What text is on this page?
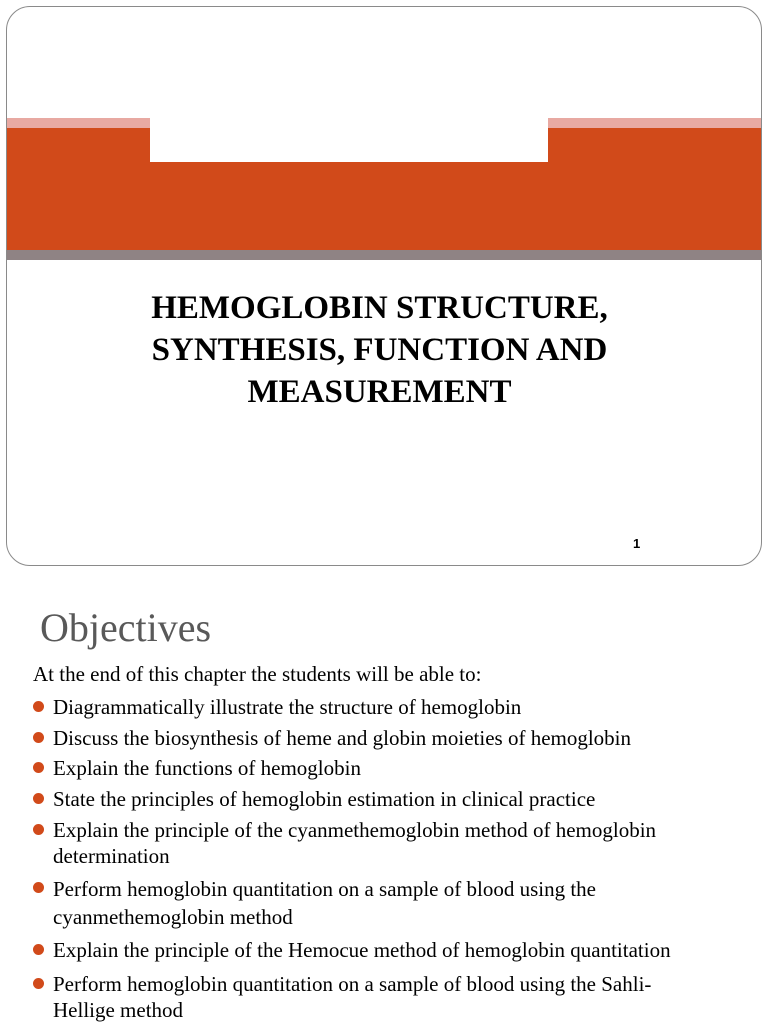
HEMOGLOBIN STRUCTURE,
SYNTHESIS, FUNCTION AND
MEASUREMENT
1
Objectives
At the end of this chapter the students will be able to:
Diagrammatically illustrate the structure of hemoglobin
Discuss the biosynthesis of heme and globin moieties of hemoglobin
Explain the functions of hemoglobin
State the principles of hemoglobin estimation in clinical practice
Explain the principle of the cyanmethemoglobin method of hemoglobin
determination
Perform hemoglobin quantitation on a sample of blood using the
cyanmethemoglobin method
Explain the principle of the Hemocue method of hemoglobin quantitation
Perform hemoglobin quantitation on a sample of blood using the Sahli-
Hellige method
